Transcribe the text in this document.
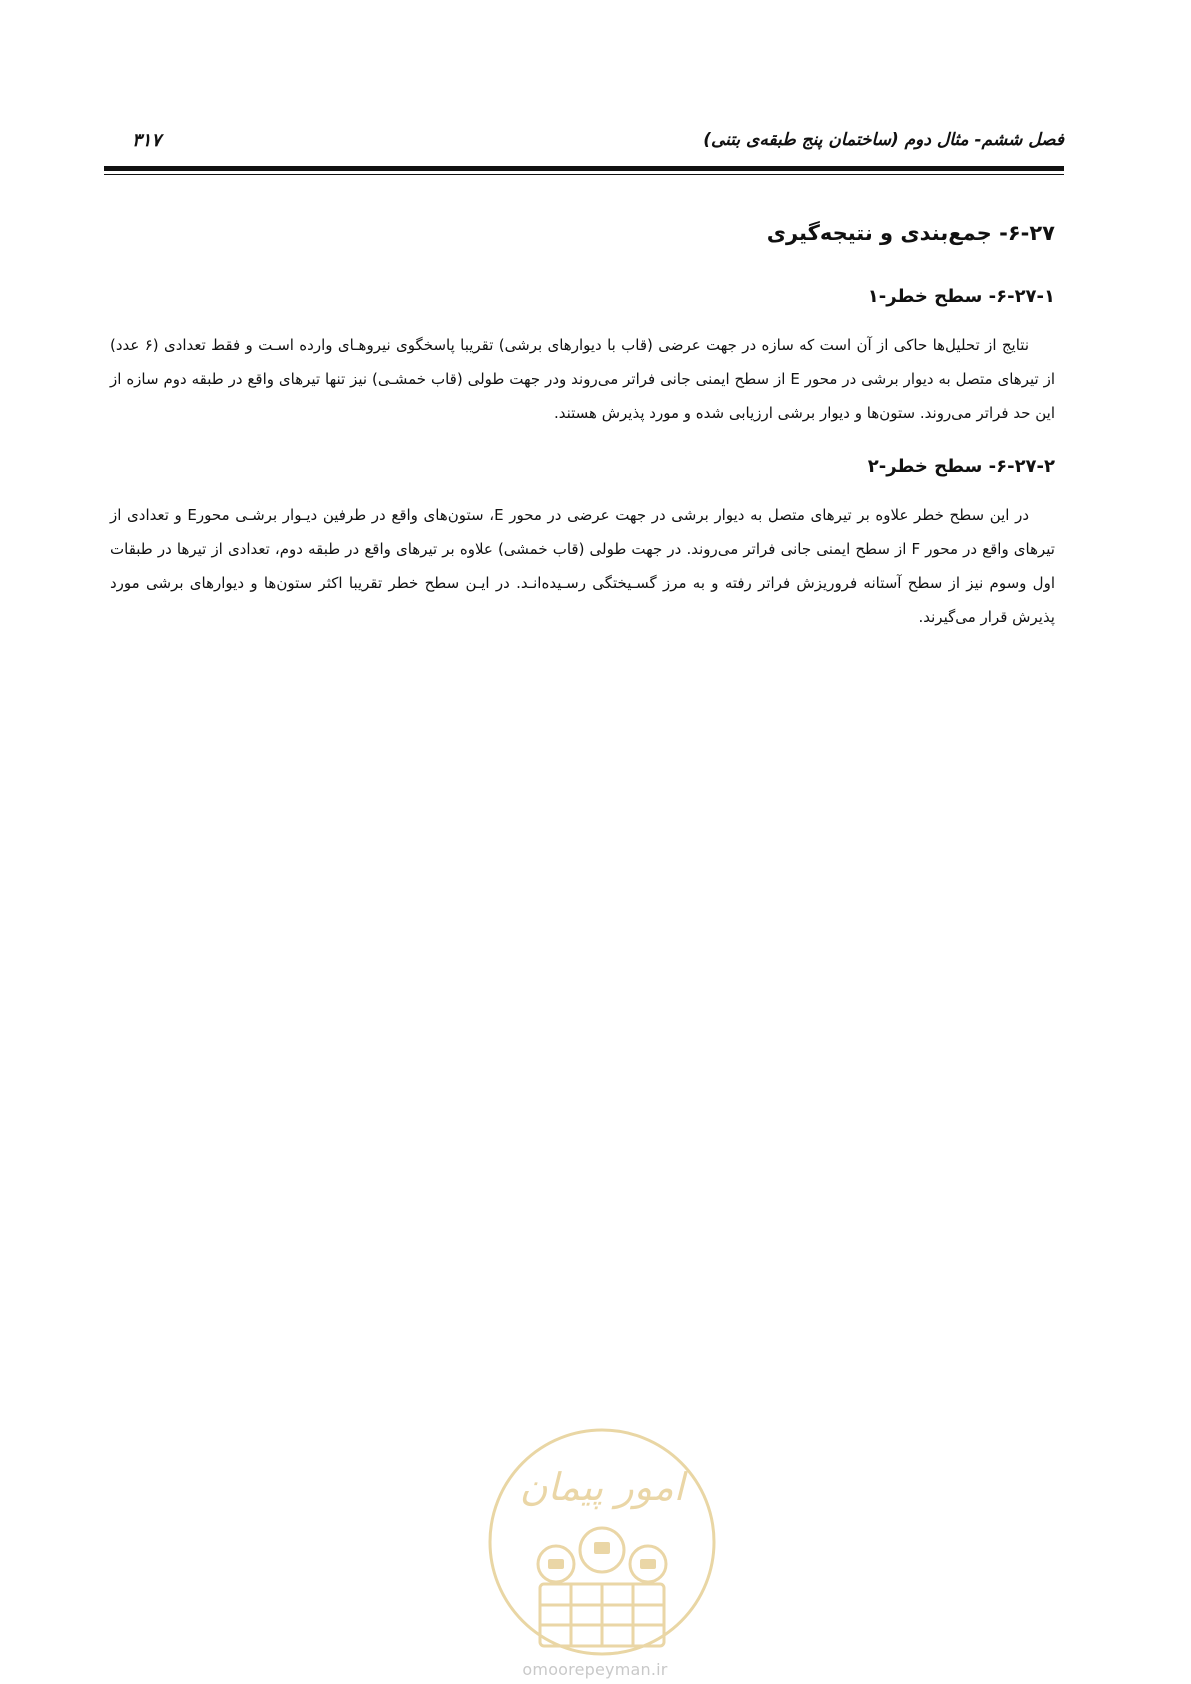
فصل ششم- مثال دوم (ساختمان پنج طبقه‌ی بتنی)
۳۱۷
۶-۲۷- جمع‌بندی و نتیجه‌گیری
۶-۲۷-۱- سطح خطر-۱

نتایج از تحلیل‌ها حاکی از آن است که سازه در جهت عرضی (قاب با دیوارهای برشی) تقریبا پاسخگوی نیروهـای وارده اسـت و فقط تعدادی (۶ عدد) از تیرهای متصل به دیوار برشی در محور E از سطح ایمنی جانی فراتر می‌روند ودر جهت طولی (قاب خمشـی) نیز تنها تیرهای واقع در طبقه دوم سازه از این حد فراتر می‌روند. ستون‌ها و دیوار برشی ارزیابی شده و مورد پذیرش هستند.

۶-۲۷-۲- سطح خطر-۲

در این سطح خطر علاوه بر تیرهای متصل به دیوار برشی در جهت عرضی در محور E، ستون‌های واقع در طرفین دیـوار برشـی محورE و تعدادی از تیرهای واقع در محور F از سطح ایمنی جانی فراتر می‌روند. در جهت طولی (قاب خمشی) علاوه بر تیرهای واقع در طبقه دوم، تعدادی از تیرها در طبقات اول وسوم نیز از سطح آستانه فروریزش فراتر رفته و به مرز گسـیختگی رسـیده‌انـد. در ایـن سطح خطر تقریبا اکثر ستون‌ها و دیوارهای برشی مورد پذیرش قرار می‌گیرند.

امور پیمان
omoorepeyman.ir
